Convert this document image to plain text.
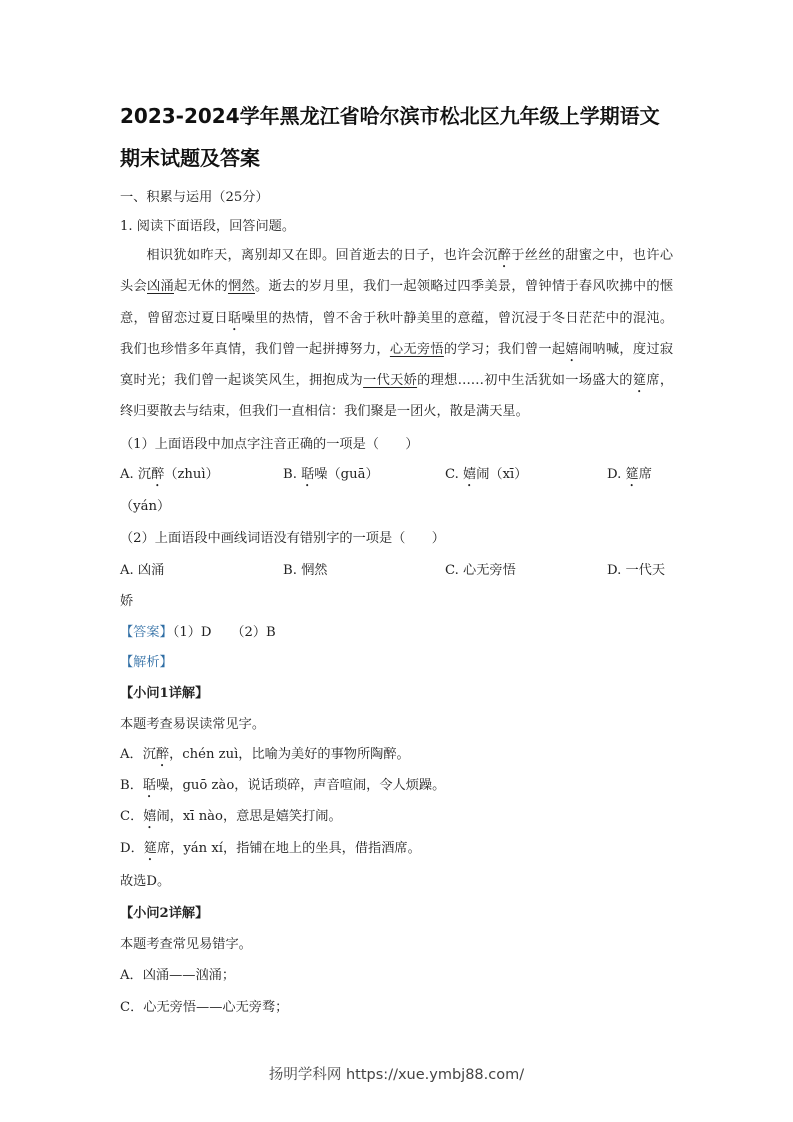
2023-2024学年黑龙江省哈尔滨市松北区九年级上学期语文
期末试题及答案
一、积累与运用（25分）
1. 阅读下面语段，回答问题。
相识犹如昨天，离别却又在即。回首逝去的日子，也许会沉醉于丝丝的甜蜜之中，也许心头会凶涌起无休的惘然。逝去的岁月里，我们一起领略过四季美景，曾钟情于春风吹拂中的惬意，曾留恋过夏日聒噪里的热情，曾不舍于秋叶静美里的意蕴，曾沉浸于冬日茫茫中的混沌。我们也珍惜多年真情，我们曾一起拼搏努力，心无旁悟的学习；我们曾一起嬉闹呐喊，度过寂寞时光；我们曾一起谈笑风生，拥抱成为一代天娇的理想……初中生活犹如一场盛大的筵席，终归要散去与结束，但我们一直相信：我们聚是一团火，散是满天星。
（1）上面语段中加点字注音正确的一项是（　　）
A. 沉醉（zhuì）	B. 聒噪（guā）	C. 嬉闹（xī）	D. 筵席
（yán）
（2）上面语段中画线词语没有错别字的一项是（　　）
A. 凶涌	B. 惘然	C. 心无旁悟	D. 一代天
娇
【答案】（1）D　　（2）B
【解析】
【小问1详解】
本题考查易误读常见字。
A．沉醉，chén zuì，比喻为美好的事物所陶醉。
B．聒噪，guō zào，说话琐碎，声音喧闹，令人烦躁。
C．嬉闹，xī nào，意思是嬉笑打闹。
D．筵席，yán xí，指铺在地上的坐具，借指酒席。
故选D。
【小问2详解】
本题考查常见易错字。
A．凶涌——汹涌；
C．心无旁悟——心无旁骛；
扬明学科网 https://xue.ymbj88.com/
